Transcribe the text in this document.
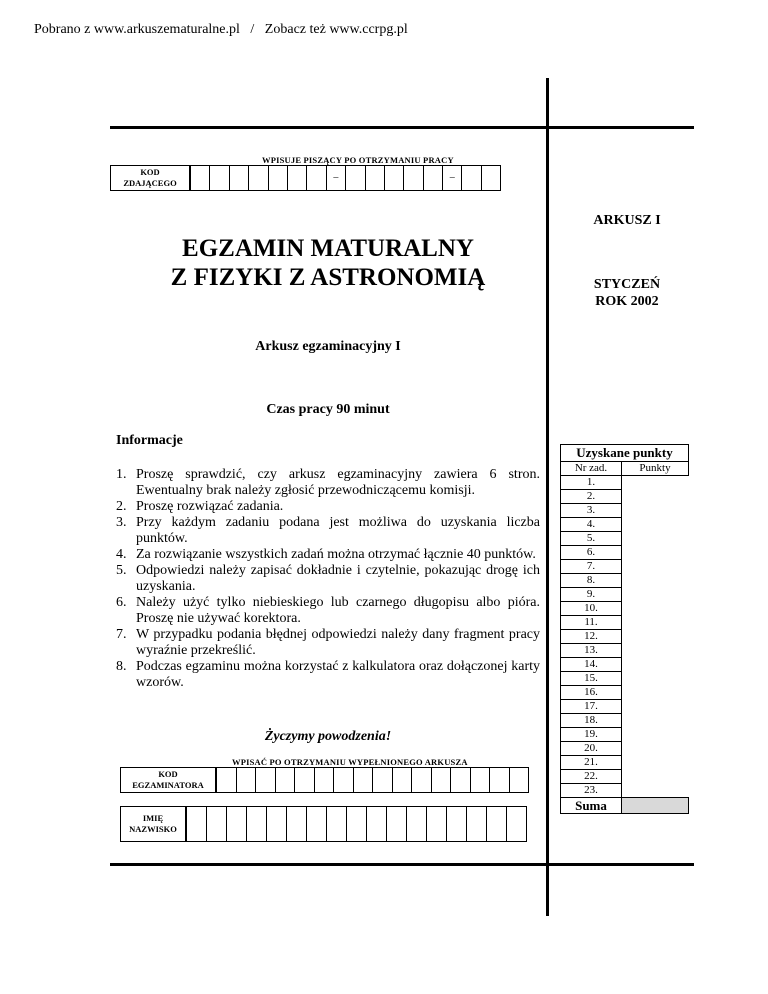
Pobrano z www.arkuszematuralne.pl   /   Zobacz też www.ccrpg.pl
WPISUJE PISZĄCY PO OTRZYMANIU PRACY
KOD
ZDAJĄCEGO	–	–
ARKUSZ I
STYCZEŃ
ROK 2002
EGZAMIN MATURALNY
Z FIZYKI Z ASTRONOMIĄ
Arkusz egzaminacyjny I
Czas pracy 90 minut
Informacje
1. Proszę sprawdzić, czy arkusz egzaminacyjny zawiera 6 stron. Ewentualny brak należy zgłosić przewodniczącemu komisji.
2. Proszę rozwiązać zadania.
3. Przy każdym zadaniu podana jest możliwa do uzyskania liczba punktów.
4. Za rozwiązanie wszystkich zadań można otrzymać łącznie 40 punktów.
5. Odpowiedzi należy zapisać dokładnie i czytelnie, pokazując drogę ich uzyskania.
6. Należy użyć tylko niebieskiego lub czarnego długopisu albo pióra. Proszę nie używać korektora.
7. W przypadku podania błędnej odpowiedzi należy dany fragment pracy wyraźnie przekreślić.
8. Podczas egzaminu można korzystać z kalkulatora oraz dołączonej karty wzorów.
Życzymy powodzenia!
WPISAĆ PO OTRZYMANIU WYPEŁNIONEGO ARKUSZA
KOD
EGZAMINATORA
IMIĘ
NAZWISKO
Uzyskane punkty	
Nr zad.	Punkty
1.	
2.	
3.	
4.	
5.	
6.	
7.	
8.	
9.	
10.	
11.	
12.	
13.	
14.	
15.	
16.	
17.	
18.	
19.	
20.	
21.	
22.	
23.	
Suma	
